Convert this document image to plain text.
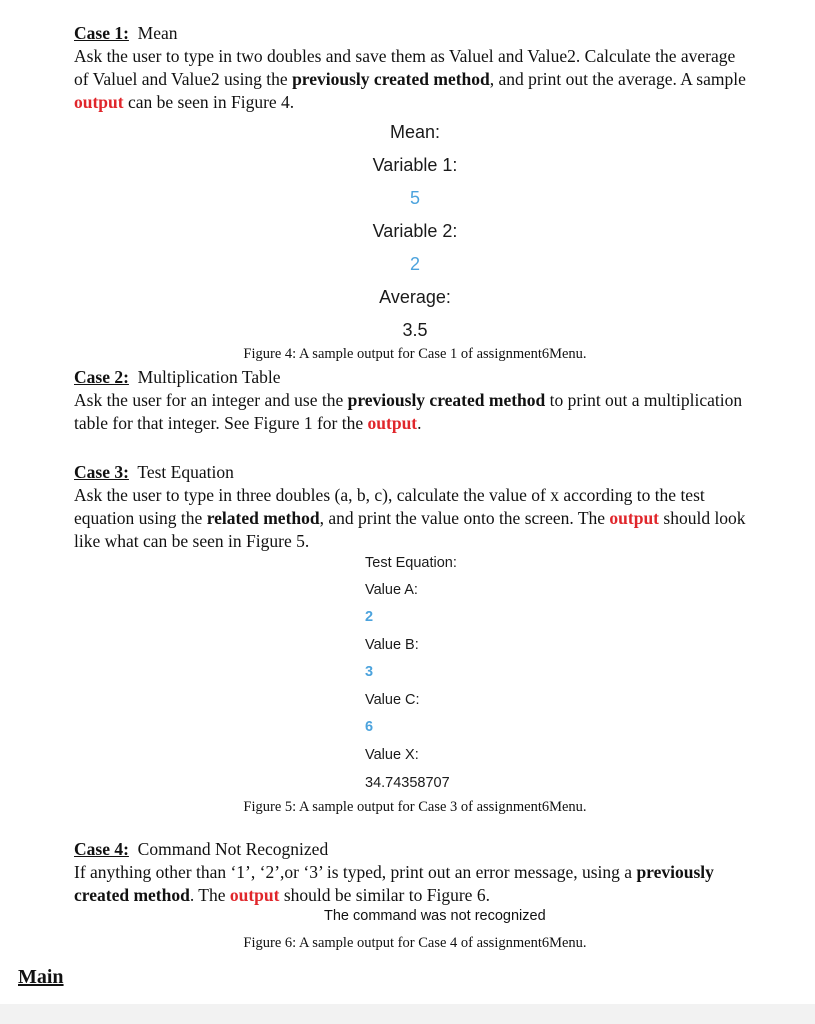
Case 1: Mean
Ask the user to type in two doubles and save them as Valuel and Value2. Calculate the average of Valuel and Value2 using the previously created method, and print out the average. A sample output can be seen in Figure 4.
Mean:
Variable 1:
5
Variable 2:
2
Average:
3.5
Figure 4: A sample output for Case 1 of assignment6Menu.
Case 2: Multiplication Table
Ask the user for an integer and use the previously created method to print out a multiplication table for that integer. See Figure 1 for the output.
Case 3: Test Equation
Ask the user to type in three doubles (a, b, c), calculate the value of x according to the test equation using the related method, and print the value onto the screen. The output should look like what can be seen in Figure 5.
Test Equation:
Value A:
2
Value B:
3
Value C:
6
Value X:
34.74358707
Figure 5: A sample output for Case 3 of assignment6Menu.
Case 4: Command Not Recognized
If anything other than ‘1’, ‘2’,or ‘3’ is typed, print out an error message, using a previously created method. The output should be similar to Figure 6.
The command was not recognized
Figure 6: A sample output for Case 4 of assignment6Menu.
Main
